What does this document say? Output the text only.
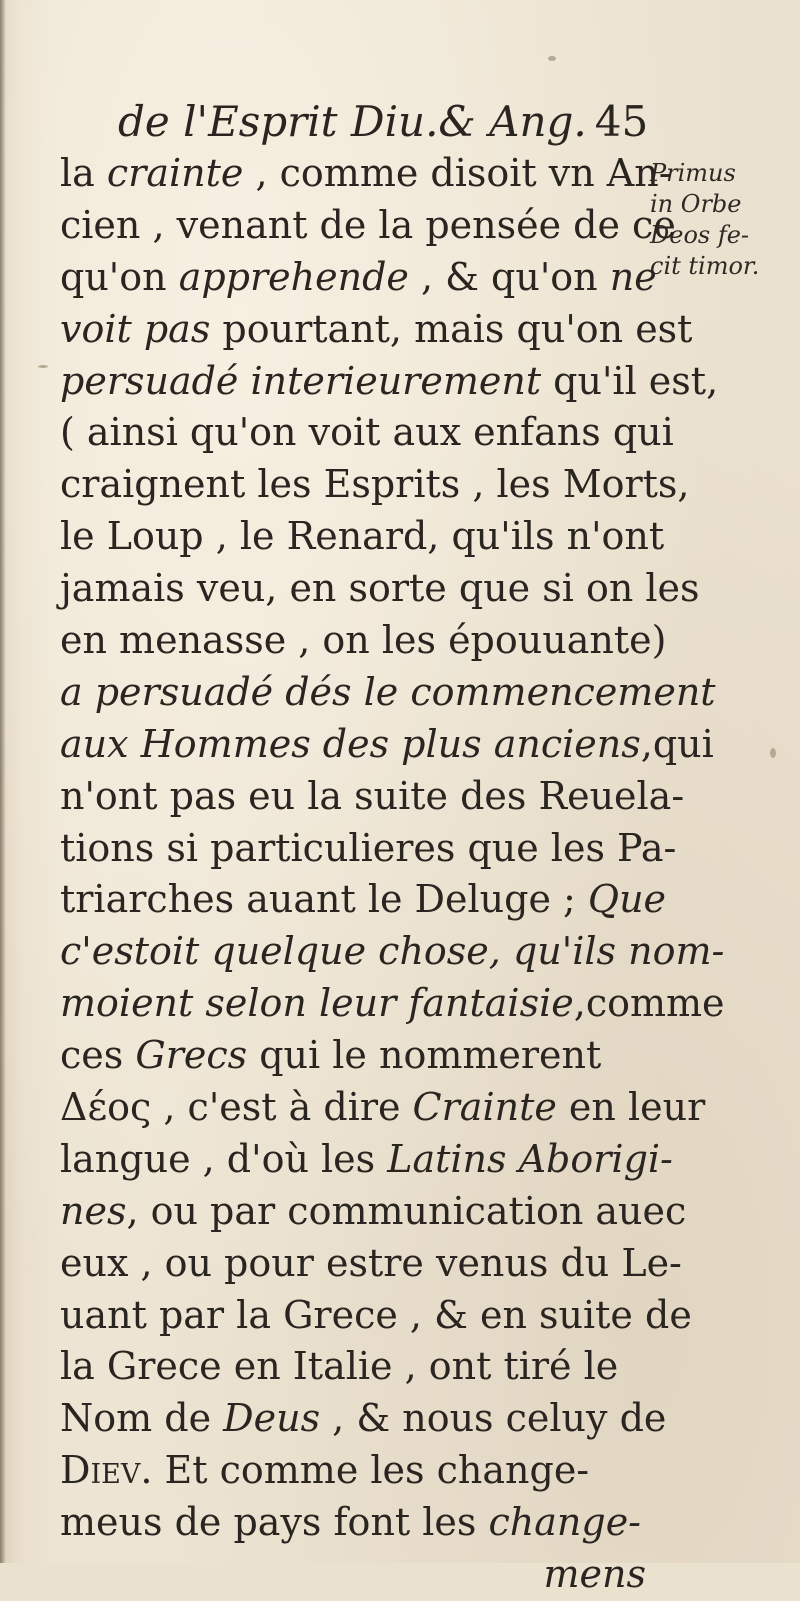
de l'Esprit Diu.& Ang. 45
Primus
in Orbe
Deos fe-
cit timor.
la crainte , comme disoit vn An-
cien , venant de la pensée de ce
qu'on apprehende , & qu'on ne
voit pas pourtant, mais qu'on est
persuadé interieurement qu'il est,
( ainsi qu'on voit aux enfans qui
craignent les Esprits , les Morts,
le Loup , le Renard, qu'ils n'ont
jamais veu, en sorte que si on les
en menasse , on les épouuante)
a persuadé dés le commencement
aux Hommes des plus anciens,qui
n'ont pas eu la suite des Reuela-
tions si particulieres que les Pa-
triarches auant le Deluge ; Que
c'estoit quelque chose, qu'ils nom-
moient selon leur fantaisie,comme
ces Grecs qui le nommerent
Δέος , c'est à dire Crainte en leur
langue , d'où les Latins Aborigi-
nes, ou par communication auec
eux , ou pour estre venus du Le-
uant par la Grece , & en suite de
la Grece en Italie , ont tiré le
Nom de Deus , & nous celuy de
Diev. Et comme les change-
meus de pays font les change-
mens
